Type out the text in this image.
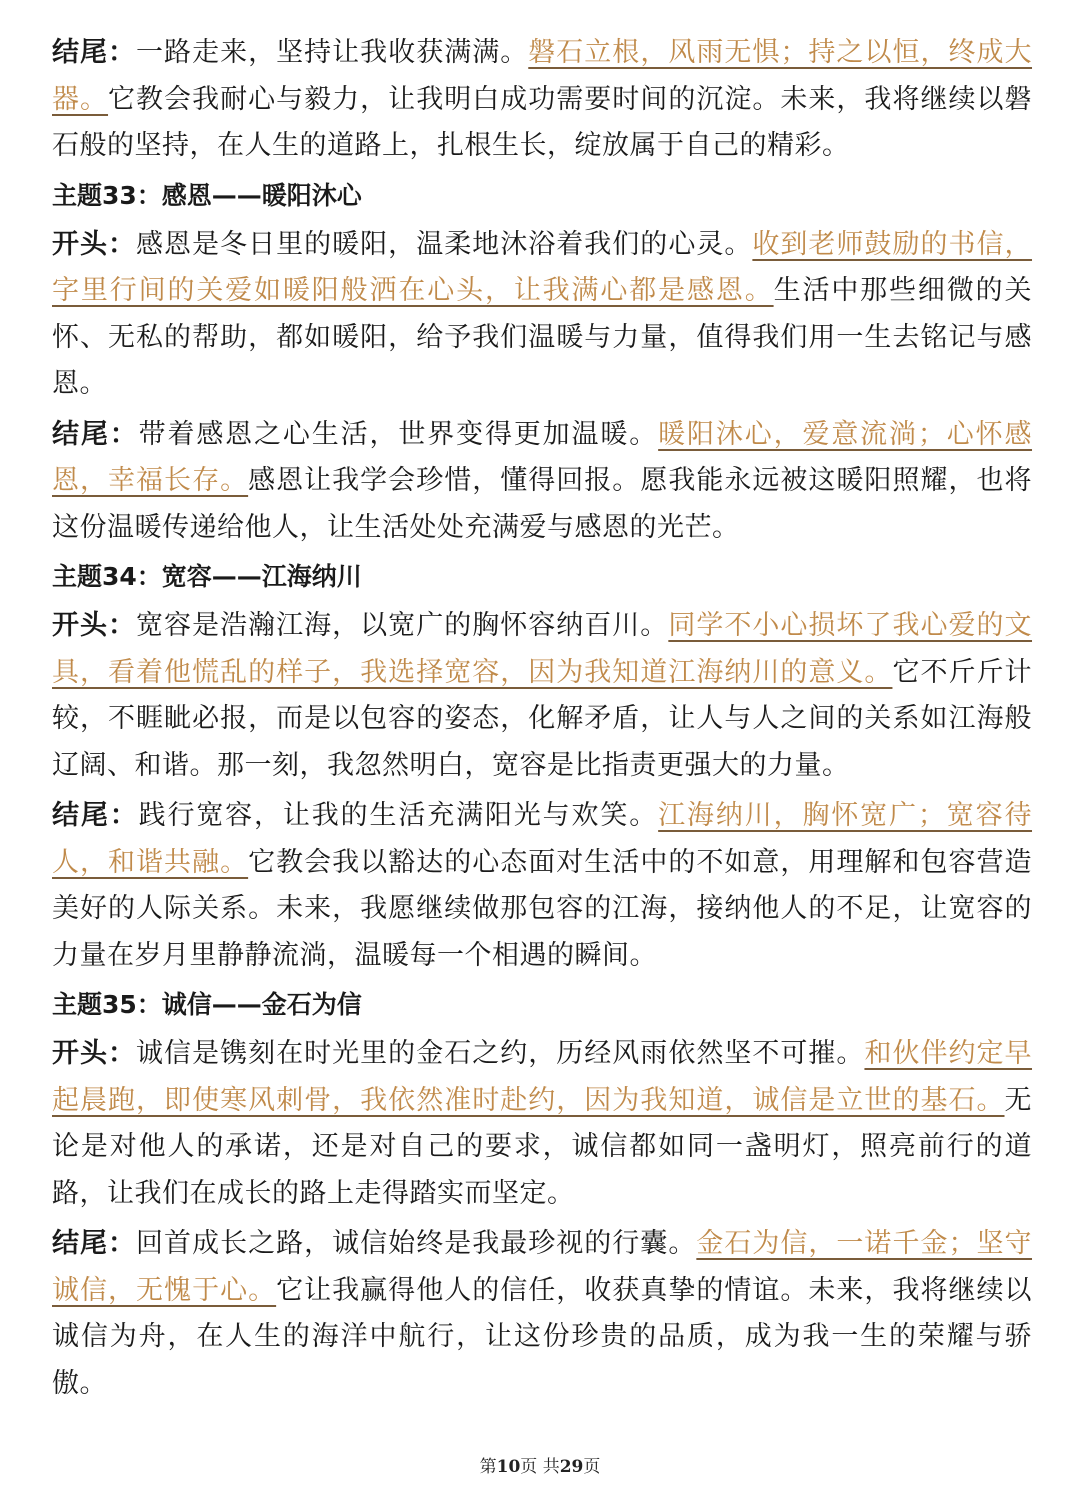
结尾：一路走来，坚持让我收获满满。磐石立根，风雨无惧；持之以恒，终成大器。它教会我耐心与毅力，让我明白成功需要时间的沉淀。未来，我将继续以磐石般的坚持，在人生的道路上，扎根生长，绽放属于自己的精彩。

主题33：感恩——暖阳沐心

开头：感恩是冬日里的暖阳，温柔地沐浴着我们的心灵。收到老师鼓励的书信，字里行间的关爱如暖阳般洒在心头，让我满心都是感恩。生活中那些细微的关怀、无私的帮助，都如暖阳，给予我们温暖与力量，值得我们用一生去铭记与感恩。

结尾：带着感恩之心生活，世界变得更加温暖。暖阳沐心，爱意流淌；心怀感恩，幸福长存。感恩让我学会珍惜，懂得回报。愿我能永远被这暖阳照耀，也将这份温暖传递给他人，让生活处处充满爱与感恩的光芒。

主题34：宽容——江海纳川

开头：宽容是浩瀚江海，以宽广的胸怀容纳百川。同学不小心损坏了我心爱的文具，看着他慌乱的样子，我选择宽容，因为我知道江海纳川的意义。它不斤斤计较，不睚眦必报，而是以包容的姿态，化解矛盾，让人与人之间的关系如江海般辽阔、和谐。那一刻，我忽然明白，宽容是比指责更强大的力量。

结尾：践行宽容，让我的生活充满阳光与欢笑。江海纳川，胸怀宽广；宽容待人，和谐共融。它教会我以豁达的心态面对生活中的不如意，用理解和包容营造美好的人际关系。未来，我愿继续做那包容的江海，接纳他人的不足，让宽容的力量在岁月里静静流淌，温暖每一个相遇的瞬间。

主题35：诚信——金石为信

开头：诚信是镌刻在时光里的金石之约，历经风雨依然坚不可摧。和伙伴约定早起晨跑，即使寒风刺骨，我依然准时赴约，因为我知道，诚信是立世的基石。无论是对他人的承诺，还是对自己的要求，诚信都如同一盏明灯，照亮前行的道路，让我们在成长的路上走得踏实而坚定。

结尾：回首成长之路，诚信始终是我最珍视的行囊。金石为信，一诺千金；坚守诚信，无愧于心。它让我赢得他人的信任，收获真挚的情谊。未来，我将继续以诚信为舟，在人生的海洋中航行，让这份珍贵的品质，成为我一生的荣耀与骄傲。

第10页 共29页
